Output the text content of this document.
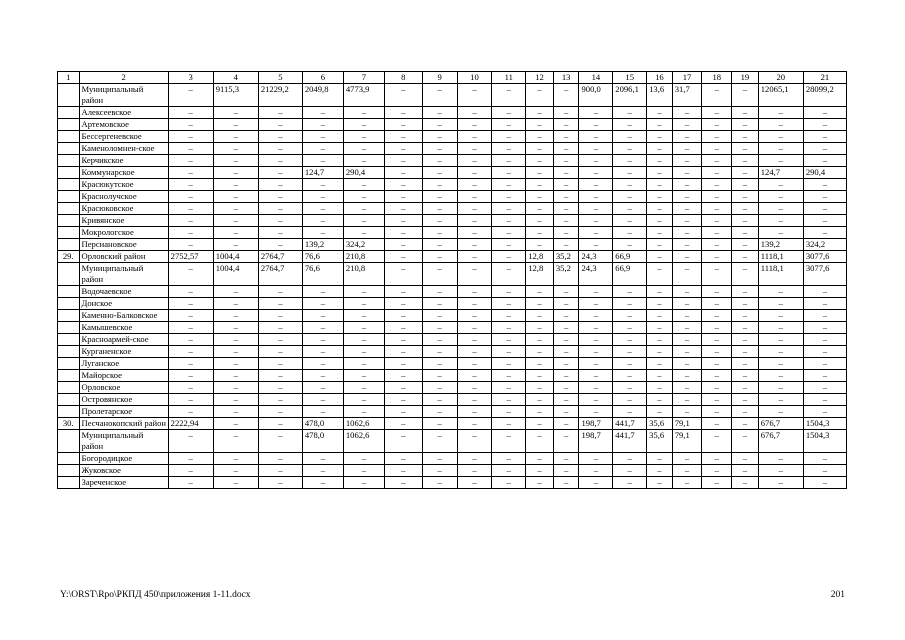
1	2	3	4	5	6	7	8	9	10	11	12	13	14	15	16	17	18	19	20	21
	Муниципальный район	–	9115,3	21229,2	2049,8	4773,9	–	–	–	–	–	–	900,0	2096,1	13,6	31,7	–	–	12065,1	28099,2
	Алексеевское	–	–	–	–	–	–	–	–	–	–	–	–	–	–	–	–	–	–	–
	Артемовское	–	–	–	–	–	–	–	–	–	–	–	–	–	–	–	–	–	–	–
	Бессергеневское	–	–	–	–	–	–	–	–	–	–	–	–	–	–	–	–	–	–	–
	Каменоломнен-ское	–	–	–	–	–	–	–	–	–	–	–	–	–	–	–	–	–	–	–
	Керчикское	–	–	–	–	–	–	–	–	–	–	–	–	–	–	–	–	–	–	–
	Коммунарское	–	–	–	124,7	290,4	–	–	–	–	–	–	–	–	–	–	–	–	124,7	290,4
	Красюкутское	–	–	–	–	–	–	–	–	–	–	–	–	–	–	–	–	–	–	–
	Краснолучское	–	–	–	–	–	–	–	–	–	–	–	–	–	–	–	–	–	–	–
	Красюковское	–	–	–	–	–	–	–	–	–	–	–	–	–	–	–	–	–	–	–
	Кривянское	–	–	–	–	–	–	–	–	–	–	–	–	–	–	–	–	–	–	–
	Мокрологское	–	–	–	–	–	–	–	–	–	–	–	–	–	–	–	–	–	–	–
	Персиановское	–	–	–	139,2	324,2	–	–	–	–	–	–	–	–	–	–	–	–	139,2	324,2
29.	Орловский район	2752,57	1004,4	2764,7	76,6	210,8	–	–	–	–	12,8	35,2	24,3	66,9	–	–	–	–	1118,1	3077,6
	Муниципальный район	–	1004,4	2764,7	76,6	210,8	–	–	–	–	12,8	35,2	24,3	66,9	–	–	–	–	1118,1	3077,6
	Водочаевское	–	–	–	–	–	–	–	–	–	–	–	–	–	–	–	–	–	–	–
	Донское	–	–	–	–	–	–	–	–	–	–	–	–	–	–	–	–	–	–	–
	Каменно-Балковское	–	–	–	–	–	–	–	–	–	–	–	–	–	–	–	–	–	–	–
	Камышевское	–	–	–	–	–	–	–	–	–	–	–	–	–	–	–	–	–	–	–
	Красноармей-ское	–	–	–	–	–	–	–	–	–	–	–	–	–	–	–	–	–	–	–
	Курганенское	–	–	–	–	–	–	–	–	–	–	–	–	–	–	–	–	–	–	–
	Луганское	–	–	–	–	–	–	–	–	–	–	–	–	–	–	–	–	–	–	–
	Майорское	–	–	–	–	–	–	–	–	–	–	–	–	–	–	–	–	–	–	–
	Орловское	–	–	–	–	–	–	–	–	–	–	–	–	–	–	–	–	–	–	–
	Островянское	–	–	–	–	–	–	–	–	–	–	–	–	–	–	–	–	–	–	–
	Пролетарское	–	–	–	–	–	–	–	–	–	–	–	–	–	–	–	–	–	–	–
30.	Песчанокопский район	2222,94	–	–	478,0	1062,6	–	–	–	–	–	–	198,7	441,7	35,6	79,1	–	–	676,7	1504,3
	Муниципальный район	–	–	–	478,0	1062,6	–	–	–	–	–	–	198,7	441,7	35,6	79,1	–	–	676,7	1504,3
	Богородицкое	–	–	–	–	–	–	–	–	–	–	–	–	–	–	–	–	–	–	–
	Жуковское	–	–	–	–	–	–	–	–	–	–	–	–	–	–	–	–	–	–	–
	Зареченское	–	–	–	–	–	–	–	–	–	–	–	–	–	–	–	–	–	–	–
Y:\ORST\Rpo\РКПД 450\приложения 1-11.docx	201
